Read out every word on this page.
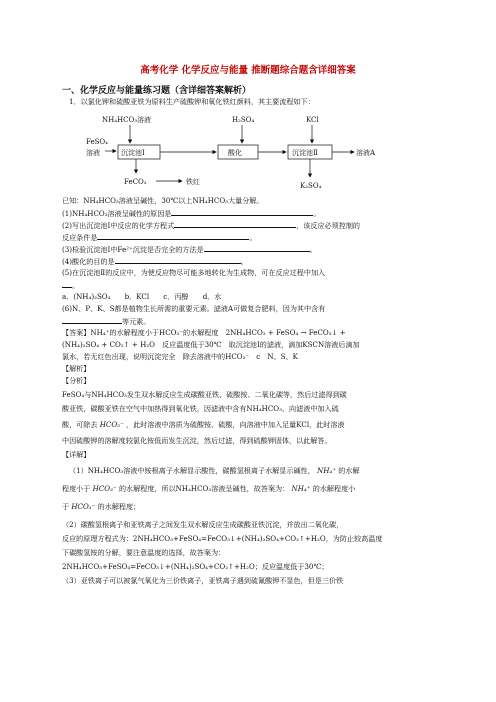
高考化学 化学反应与能量 推断题综合题含详细答案
一、化学反应与能量练习题（含详细答案解析）
1．以氯化钾和硫酸亚铁为原料生产硫酸钾和氧化铁红颜料，其主要流程如下：
NH₄HCO₃溶液	H₂SO₄	KCl
FeSO₄
溶液	沉淀池Ⅰ	酸化	沉淀池Ⅱ	溶液A
FeCO₃	铁红	K₂SO₄
已知：NH₄HCO₃溶液呈碱性，30℃以上NH₄HCO₃大量分解。
(1)NH₄HCO₃溶液呈碱性的原因是	。
(2)写出沉淀池Ⅰ中反应的化学方程式	，该反应必须控制的
反应条件是	。
(3)检验沉淀池Ⅰ中Fe²⁺沉淀是否完全的方法是	。
(4)酸化的目的是	。
(5)在沉淀池Ⅱ的反应中，为使反应物尽可能多地转化为生成物，可在反应过程中加入
。
a．(NH₄)₂SO₄　　b．KCl　　c．丙醇　　d．水
(6)N、P、K、S都是植物生长所需的重要元素。滤液A可做复合肥料，因为其中含有
等元素。
【答案】NH₄⁺的水解程度小于HCO₃⁻的水解程度　2NH₄HCO₃ + FeSO₄ → FeCO₃↓ +
(NH₄)₂SO₄ + CO₂↑ + H₂O　反应温度低于30℃　取沉淀池Ⅰ的滤液，滴加KSCN溶液后滴加
氯水，若无红色出现，说明沉淀完全　除去溶液中的HCO₃⁻　c　N、S、K
【解析】
【分析】
FeSO₄与NH₄HCO₃发生双水解反应生成碳酸亚铁、硫酸铵、二氧化碳等，然后过滤得到碳
酸亚铁，碳酸亚铁在空气中加热得到氧化铁，因滤液中含有NH₄HCO₃，向滤液中加入硫
酸，可除去 HCO₃⁻ ，此时溶液中溶质为硫酸铵、硫酸，向溶液中加入足量KCl，此时溶液
中因硫酸钾的溶解度较氯化铵低而发生沉淀，然后过滤，得到硫酸钾固体，以此解答。
【详解】
（1）NH₄HCO₃溶液中铵根离子水解显示酸性，碳酸氢根离子水解显示碱性， NH₄⁺ 的水解
程度小于 HCO₃⁻ 的水解程度，所以NH₄HCO₃溶液呈碱性，故答案为： NH₄⁺ 的水解程度小
于 HCO₃⁻ 的水解程度；
（2）碳酸氢根离子和亚铁离子之间发生双水解反应生成碳酸亚铁沉淀，并放出二氧化碳，
反应的原理方程式为：2NH₄HCO₃+FeSO₄=FeCO₃↓+(NH₄)₂SO₄+CO₂↑+H₂O，为防止较高温度
下碳酸氢铵的分解，要注意温度的选择，故答案为：
2NH₄HCO₃+FeSO₄=FeCO₃↓+(NH₄)₂SO₄+CO₂↑+H₂O；反应温度低于30℃；
（3）亚铁离子可以被氯气氧化为三价铁离子，亚铁离子遇到硫氰酸钾不显色，但是三价铁
